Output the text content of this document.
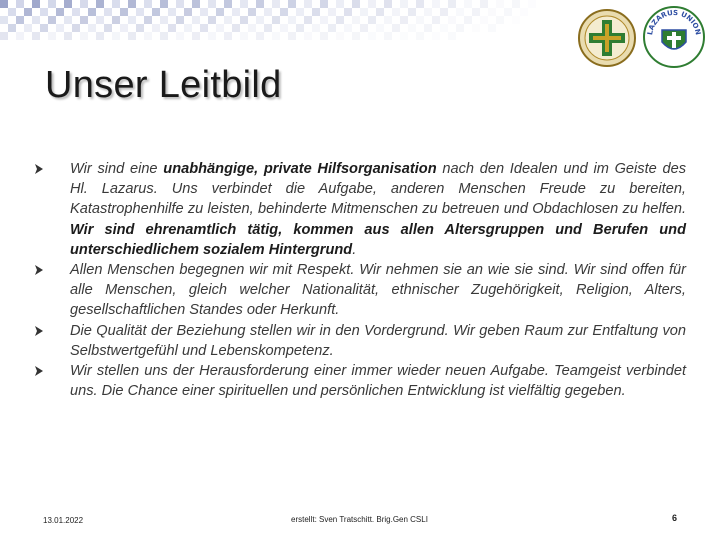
LAZARUS UNION
Unser Leitbild
Wir sind eine unabhängige, private Hilfsorganisation nach den Idealen und im Geiste des Hl. Lazarus. Uns verbindet die Aufgabe, anderen Menschen Freude zu bereiten, Katastrophenhilfe zu leisten, behinderte Mitmenschen zu betreuen und Obdachlosen zu helfen. Wir sind ehrenamtlich tätig, kommen aus allen Altersgruppen und Berufen und unterschiedlichem sozialem Hintergrund.
Allen Menschen begegnen wir mit Respekt. Wir nehmen sie an wie sie sind. Wir sind offen für alle Menschen, gleich welcher Nationalität, ethnischer Zugehörigkeit, Religion, Alters, gesellschaftlichen Standes oder Herkunft.
Die Qualität der Beziehung stellen wir in den Vordergrund. Wir geben Raum zur Entfaltung von Selbstwertgefühl und Lebenskompetenz.
Wir stellen uns der Herausforderung einer immer wieder neuen Aufgabe. Teamgeist verbindet uns. Die Chance einer spirituellen und persönlichen Entwicklung ist vielfältig gegeben.
13.01.2022	erstellt: Sven Tratschitt. Brig.Gen CSLI	6
